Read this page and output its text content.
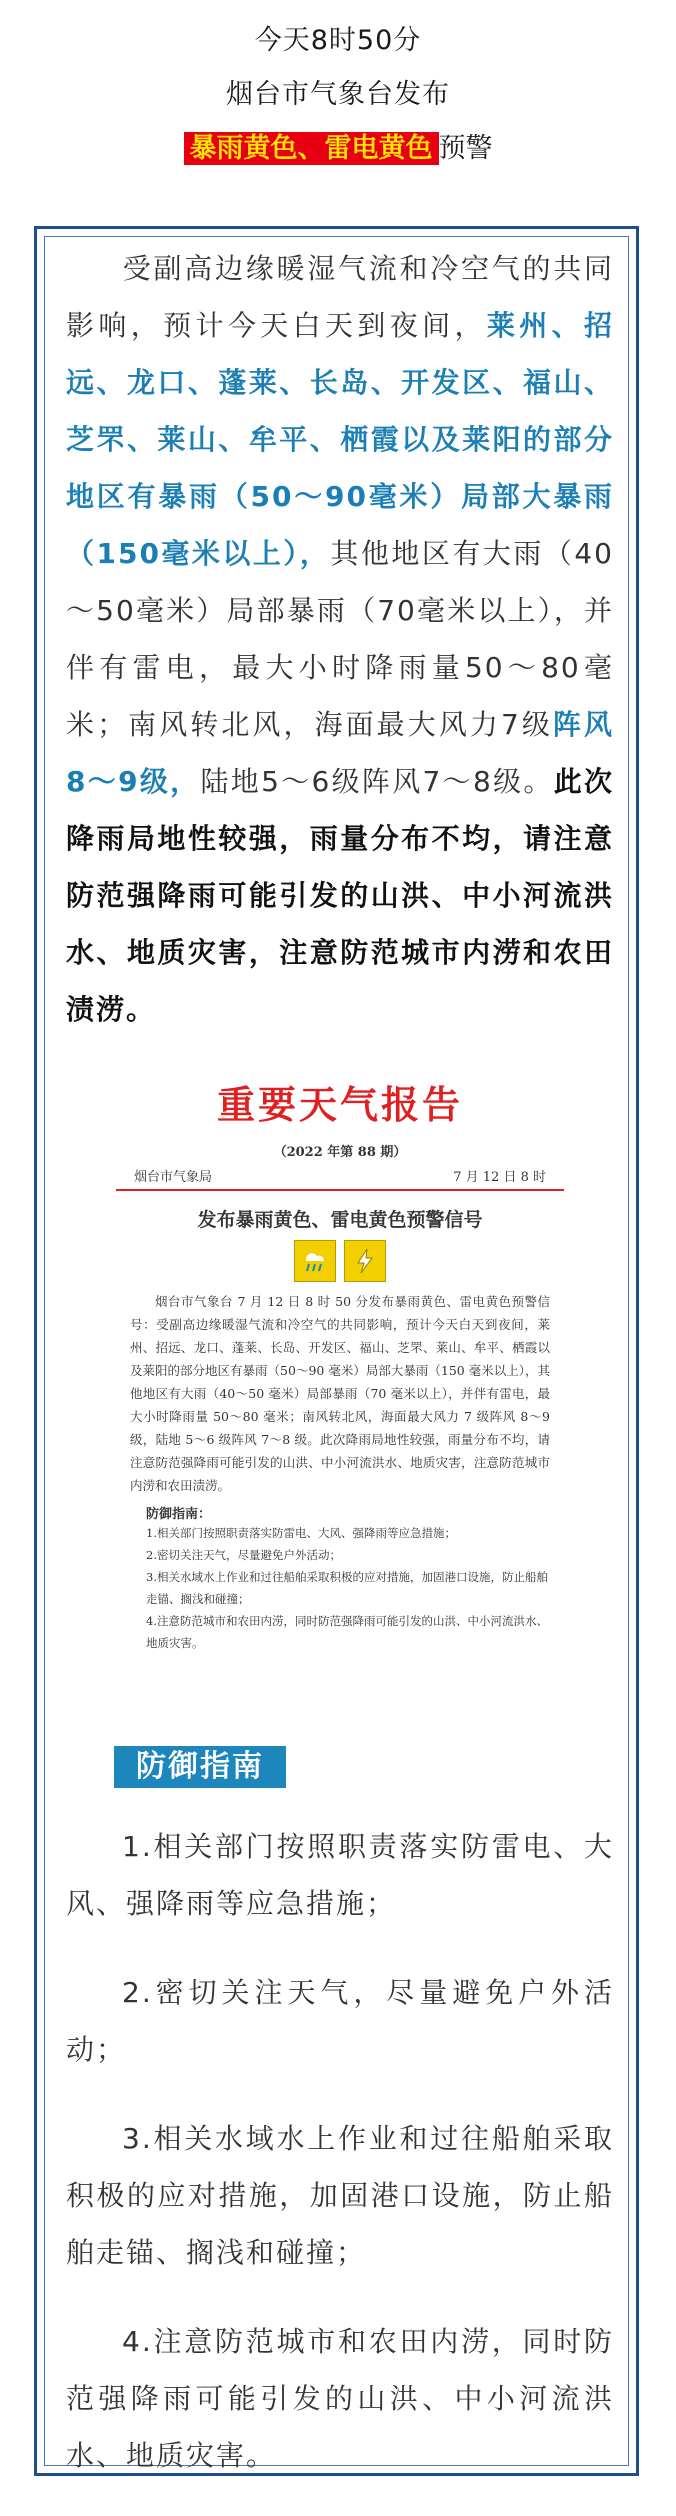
今天8时50分
烟台市气象台发布
暴雨黄色、雷电黄色 预警
受副高边缘暖湿气流和冷空气的共同影响，预计今天白天到夜间，莱州、招远、龙口、蓬莱、长岛、开发区、福山、芝罘、莱山、牟平、栖霞以及莱阳的部分地区有暴雨（50～90毫米）局部大暴雨（150毫米以上），其他地区有大雨（40～50毫米）局部暴雨（70毫米以上），并伴有雷电，最大小时降雨量50～80毫米；南风转北风，海面最大风力7级阵风8～9级，陆地5～6级阵风7～8级。此次降雨局地性较强，雨量分布不均，请注意防范强降雨可能引发的山洪、中小河流洪水、地质灾害，注意防范城市内涝和农田渍涝。
重要天气报告
（2022 年第 88 期）
烟台市气象局	7 月 12 日 8 时
发布暴雨黄色、雷电黄色预警信号
烟台市气象台 7 月 12 日 8 时 50 分发布暴雨黄色、雷电黄色预警信号：受副高边缘暖湿气流和冷空气的共同影响，预计今天白天到夜间，莱州、招远、龙口、蓬莱、长岛、开发区、福山、芝罘、莱山、牟平、栖霞以及莱阳的部分地区有暴雨（50～90 毫米）局部大暴雨（150 毫米以上），其他地区有大雨（40～50 毫米）局部暴雨（70 毫米以上），并伴有雷电，最大小时降雨量 50～80 毫米；南风转北风，海面最大风力 7 级阵风 8～9 级，陆地 5～6 级阵风 7～8 级。此次降雨局地性较强，雨量分布不均，请注意防范强降雨可能引发的山洪、中小河流洪水、地质灾害，注意防范城市内涝和农田渍涝。
防御指南：
1.相关部门按照职责落实防雷电、大风、强降雨等应急措施；
2.密切关注天气，尽量避免户外活动；
3.相关水域水上作业和过往船舶采取积极的应对措施，加固港口设施，防止船舶走锚、搁浅和碰撞；
4.注意防范城市和农田内涝，同时防范强降雨可能引发的山洪、中小河流洪水、地质灾害。
防御指南
1.相关部门按照职责落实防雷电、大风、强降雨等应急措施；
2.密切关注天气，尽量避免户外活动；
3.相关水域水上作业和过往船舶采取积极的应对措施，加固港口设施，防止船舶走锚、搁浅和碰撞；
4.注意防范城市和农田内涝，同时防范强降雨可能引发的山洪、中小河流洪水、地质灾害。
